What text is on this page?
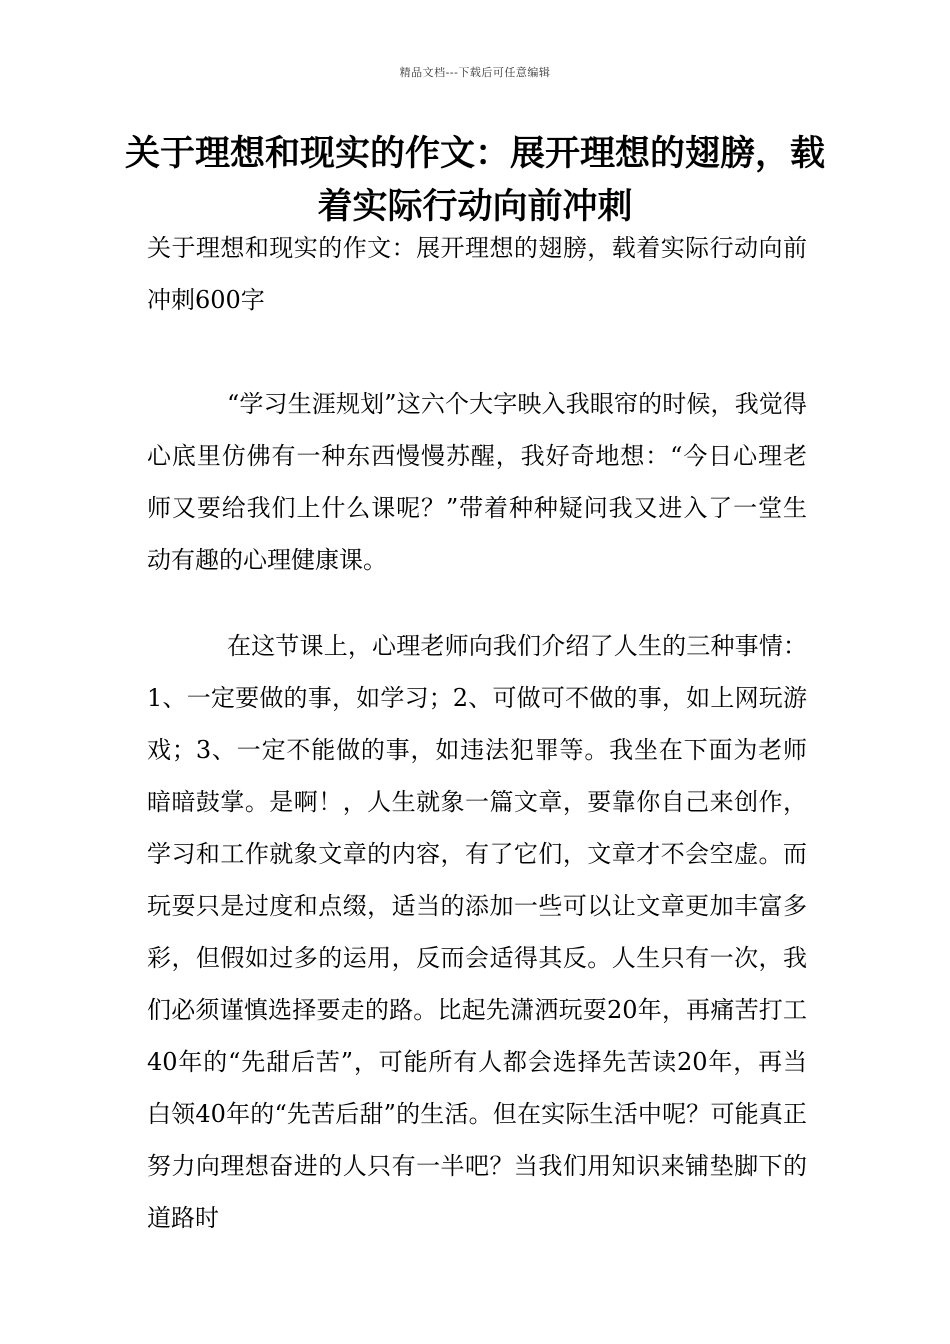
精品文档---下载后可任意编辑
关于理想和现实的作文：展开理想的翅膀，载着实际行动向前冲刺

关于理想和现实的作文：展开理想的翅膀，载着实际行动向前冲刺600字

“学习生涯规划”这六个大字映入我眼帘的时候，我觉得心底里仿佛有一种东西慢慢苏醒，我好奇地想：“今日心理老师又要给我们上什么课呢？”带着种种疑问我又进入了一堂生动有趣的心理健康课。

在这节课上，心理老师向我们介绍了人生的三种事情：1、一定要做的事，如学习；2、可做可不做的事，如上网玩游戏；3、一定不能做的事，如违法犯罪等。我坐在下面为老师暗暗鼓掌。是啊！，人生就象一篇文章，要靠你自己来创作，学习和工作就象文章的内容，有了它们，文章才不会空虚。而玩耍只是过度和点缀，适当的添加一些可以让文章更加丰富多彩，但假如过多的运用，反而会适得其反。人生只有一次，我们必须谨慎选择要走的路。比起先潇洒玩耍20年，再痛苦打工40年的“先甜后苦”，可能所有人都会选择先苦读20年，再当白领40年的“先苦后甜”的生活。但在实际生活中呢？可能真正努力向理想奋进的人只有一半吧？当我们用知识来铺垫脚下的道路时
